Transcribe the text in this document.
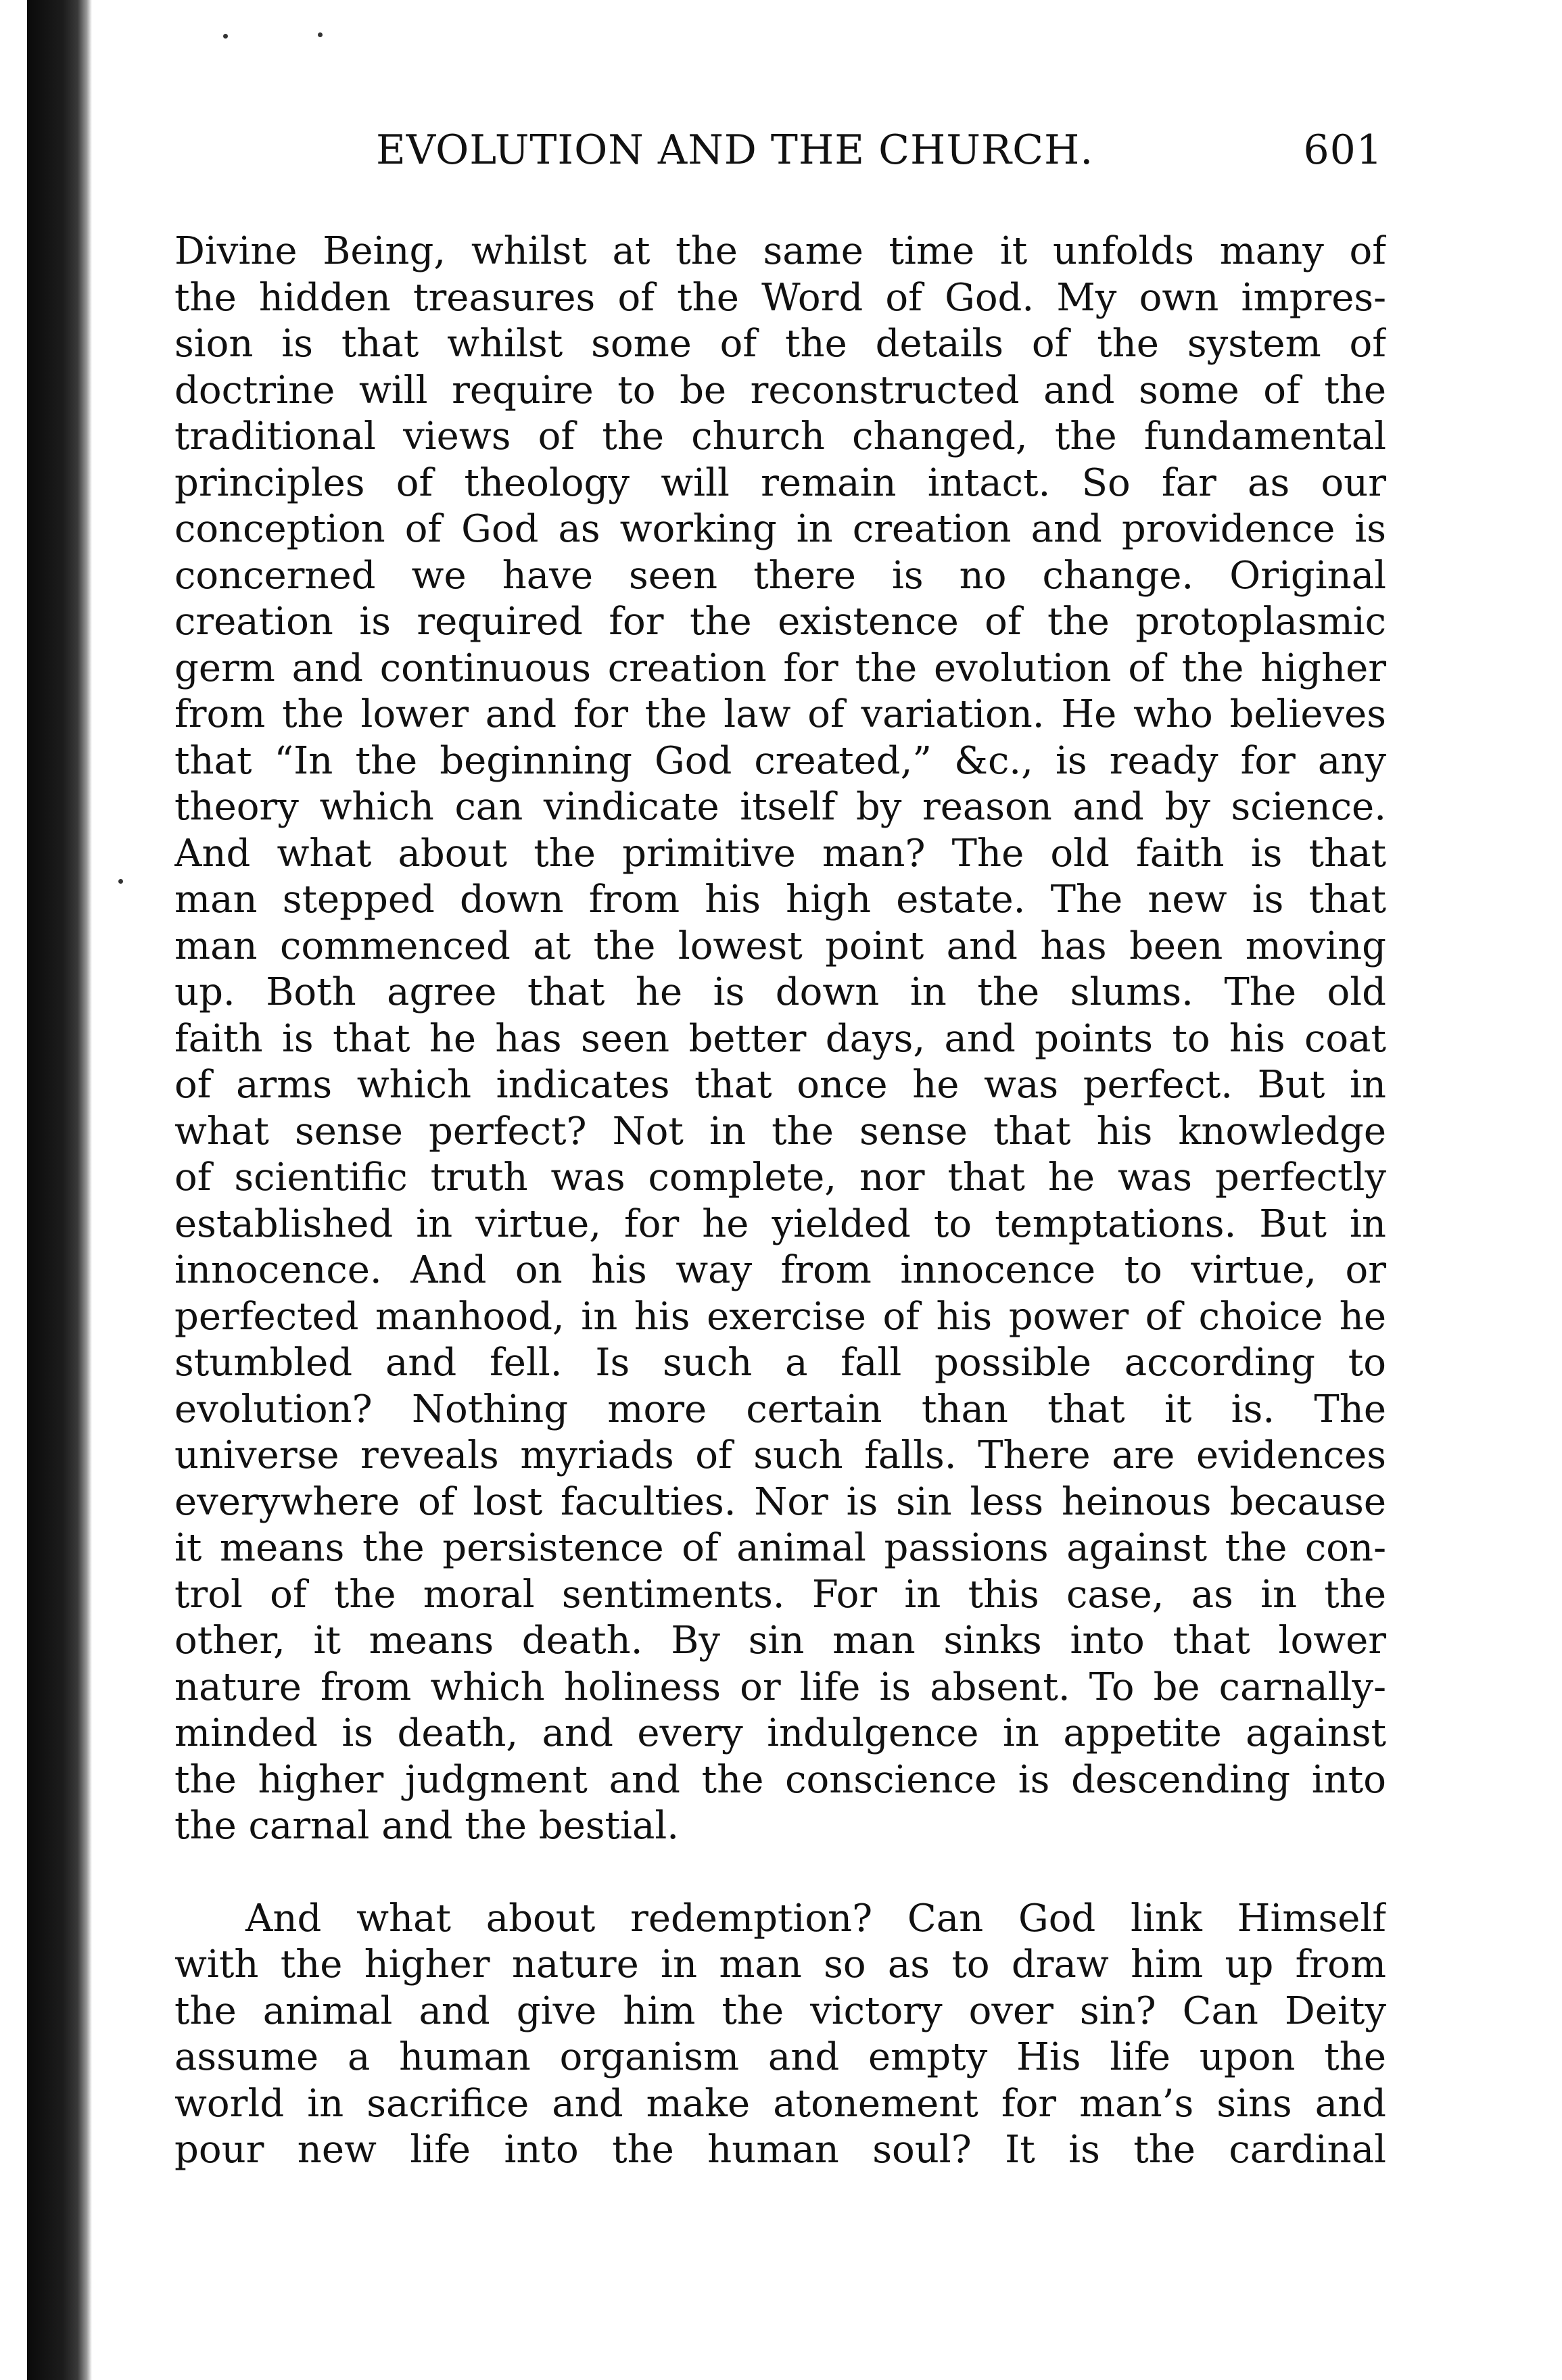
EVOLUTION AND THE CHURCH.	601
Divine Being, whilst at the same time it unfolds many of
the hidden treasures of the Word of God. My own impres-
sion is that whilst some of the details of the system of
doctrine will require to be reconstructed and some of the
traditional views of the church changed, the fundamental
principles of theology will remain intact. So far as our
conception of God as working in creation and providence is
concerned we have seen there is no change. Original
creation is required for the existence of the protoplasmic
germ and continuous creation for the evolution of the higher
from the lower and for the law of variation. He who believes
that “In the beginning God created,” &c., is ready for any
theory which can vindicate itself by reason and by science.
And what about the primitive man? The old faith is that
man stepped down from his high estate. The new is that
man commenced at the lowest point and has been moving
up. Both agree that he is down in the slums. The old
faith is that he has seen better days, and points to his coat
of arms which indicates that once he was perfect. But in
what sense perfect? Not in the sense that his knowledge
of scientific truth was complete, nor that he was perfectly
established in virtue, for he yielded to temptations. But in
innocence. And on his way from innocence to virtue, or
perfected manhood, in his exercise of his power of choice he
stumbled and fell. Is such a fall possible according to
evolution? Nothing more certain than that it is. The
universe reveals myriads of such falls. There are evidences
everywhere of lost faculties. Nor is sin less heinous because
it means the persistence of animal passions against the con-
trol of the moral sentiments. For in this case, as in the
other, it means death. By sin man sinks into that lower
nature from which holiness or life is absent. To be carnally-
minded is death, and every indulgence in appetite against
the higher judgment and the conscience is descending into
the carnal and the bestial.
And what about redemption? Can God link Himself
with the higher nature in man so as to draw him up from
the animal and give him the victory over sin? Can Deity
assume a human organism and empty His life upon the
world in sacrifice and make atonement for man’s sins and
pour new life into the human soul? It is the cardinal
